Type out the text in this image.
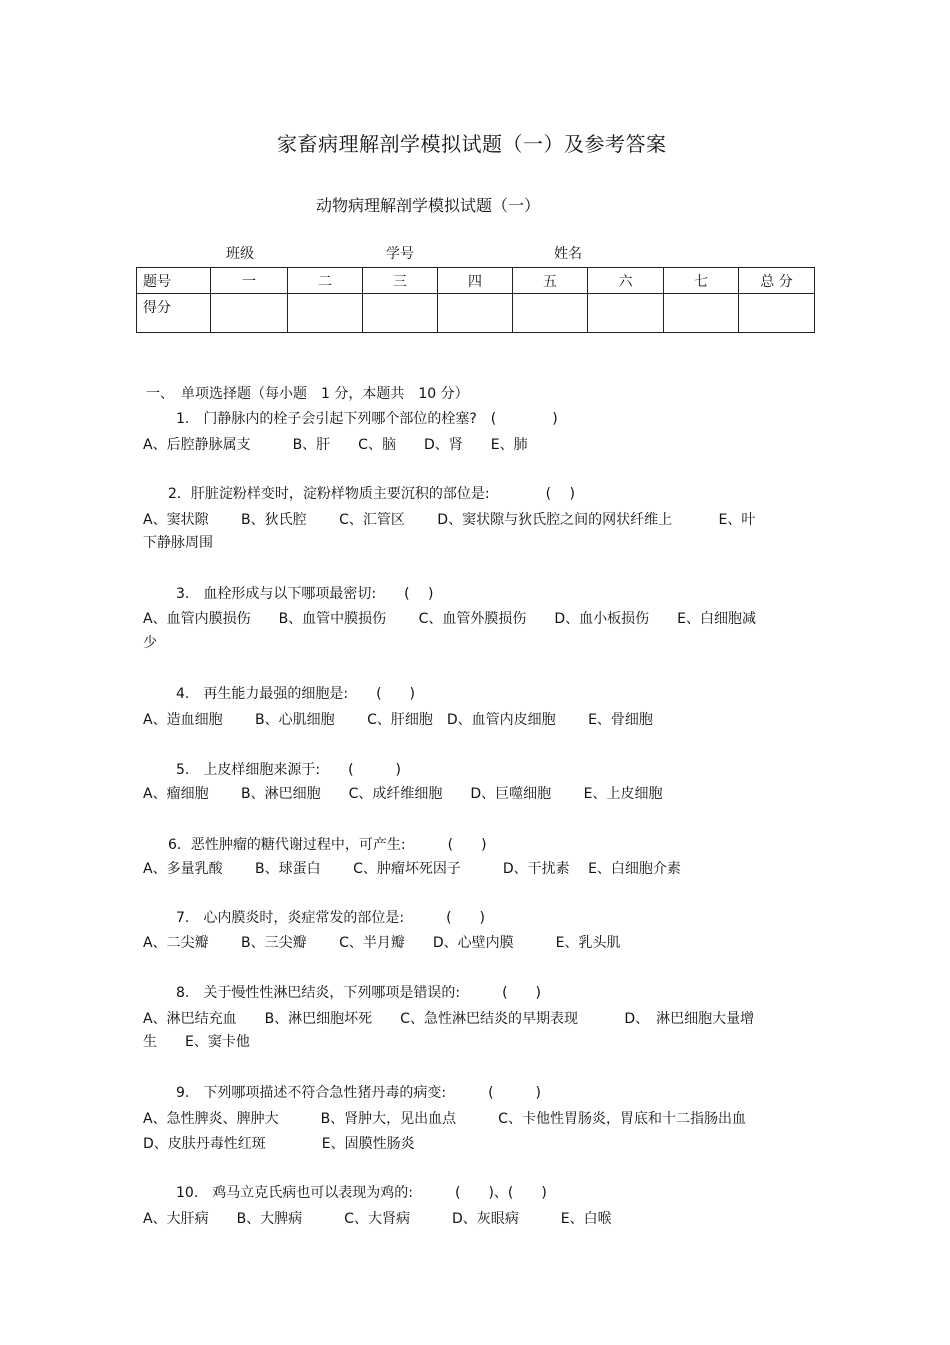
家畜病理解剖学模拟试题（一）及参考答案
动物病理解剖学模拟试题（一）
班级	学号	姓名
题号	一	二	三	四	五	六	七	总 分
得分								
一、　单项选择题（每小题　1 分，本题共　10 分）
1.　门静脉内的栓子会引起下列哪个部位的栓塞?　(　　　　)
A、后腔静脉属支　　　B、肝　　C、脑　　D、肾　　E、肺
2．肝脏淀粉样变时，淀粉样物质主要沉积的部位是:　　　　(　 )
A、窦状隙　　 B、狄氏腔　　 C、汇管区　　 D、窦状隙与狄氏腔之间的网状纤维上　　　 E、叶
下静脉周围
3.　血栓形成与以下哪项最密切:　　(　 )
A、血管内膜损伤　　B、血管中膜损伤　　 C、血管外膜损伤　　D、血小板损伤　　E、白细胞减
少
4.　再生能力最强的细胞是:　　(　　)
A、造血细胞　　 B、心肌细胞　　 C、肝细胞　D、血管内皮细胞　　 E、骨细胞
5.　上皮样细胞来源于:　　(　　　)
A、瘤细胞　　 B、淋巴细胞　　C、成纤维细胞　　D、巨噬细胞　　 E、上皮细胞
6．恶性肿瘤的糖代谢过程中，可产生:　　　(　　)
A、多量乳酸　　 B、球蛋白　　 C、肿瘤坏死因子　　　D、干扰素　 E、白细胞介素
7.　心内膜炎时，炎症常发的部位是:　　　(　　)
A、二尖瓣　　 B、三尖瓣　　 C、半月瓣　　D、心壁内膜　　　E、乳头肌
8.　关于慢性性淋巴结炎，下列哪项是错误的:　　　(　　)
A、淋巴结充血　　B、淋巴细胞坏死　　C、急性淋巴结炎的早期表现　　　 D、　淋巴细胞大量增
生　　E、窦卡他
9.　下列哪项描述不符合急性猪丹毒的病变:　　　(　　　)
A、急性脾炎、脾肿大　　　B、肾肿大，见出血点　　　C、卡他性胃肠炎，胃底和十二指肠出血
D、皮肤丹毒性红斑　　　　E、固膜性肠炎
10.　鸡马立克氏病也可以表现为鸡的:　　　(　　)、(　　)
A、大肝病　　B、大脾病　　　C、大肾病　　　D、灰眼病　　　E、白喉
